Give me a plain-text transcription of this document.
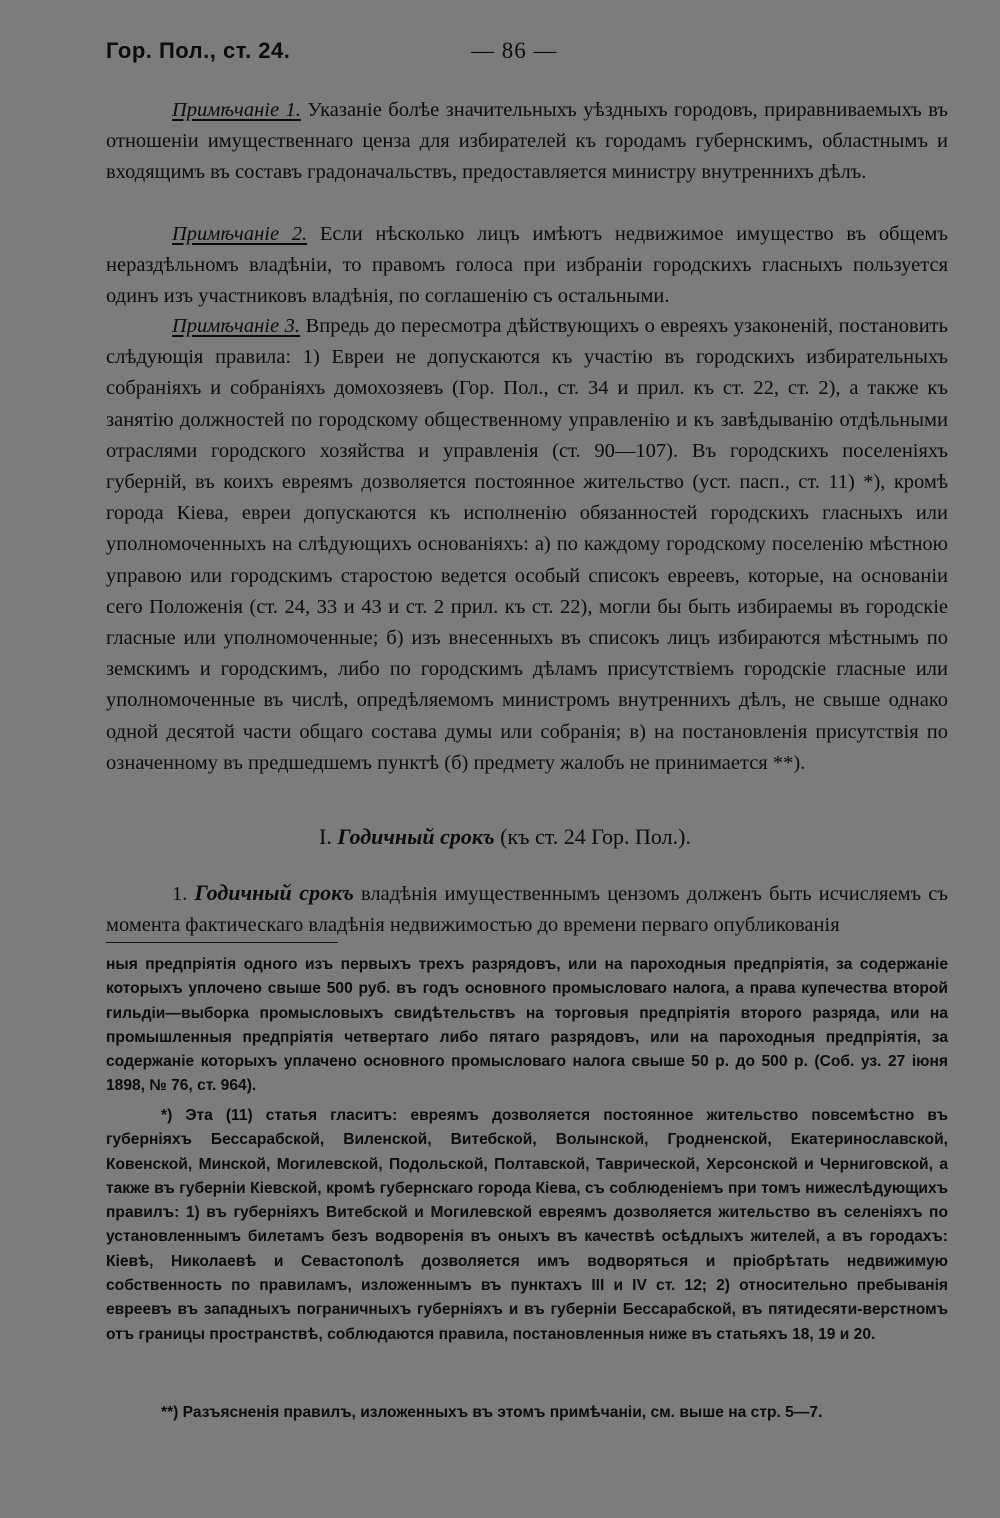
Гор. Пол., ст. 24.	— 86 —

Примѣчаніе 1. Указаніе болѣе значительныхъ уѣздныхъ городовъ, приравниваемыхъ въ отношеніи имущественнаго ценза для избирателей къ городамъ губернскимъ, областнымъ и входящимъ въ составъ градоначальствъ, предоставляется министру внутреннихъ дѣлъ.

Примѣчаніе 2. Если нѣсколько лицъ имѣютъ недвижимое имущество въ общемъ нераздѣльномъ владѣніи, то правомъ голоса при избраніи городскихъ гласныхъ пользуется одинъ изъ участниковъ владѣнія, по соглашенію съ остальными.

Примѣчаніе 3. Впредь до пересмотра дѣйствующихъ о евреяхъ узаконеній, постановить слѣдующія правила: 1) Евреи не допускаются къ участію въ городскихъ избирательныхъ собраніяхъ и собраніяхъ домохозяевъ (Гор. Пол., ст. 34 и прил. къ ст. 22, ст. 2), а также къ занятію должностей по городскому общественному управленію и къ завѣдыванію отдѣльными отраслями городского хозяйства и управленія (ст. 90—107). Въ городскихъ поселеніяхъ губерній, въ коихъ евреямъ дозволяется постоянное жительство (уст. пасп., ст. 11) *), кромѣ города Кіева, евреи допускаются къ исполненію обязанностей городскихъ гласныхъ или уполномоченныхъ на слѣдующихъ основаніяхъ: а) по каждому городскому поселенію мѣстною управою или городскимъ старостою ведется особый списокъ евреевъ, которые, на основаніи сего Положенія (ст. 24, 33 и 43 и ст. 2 прил. къ ст. 22), могли бы быть избираемы въ городскіе гласные или уполномоченные; б) изъ внесенныхъ въ списокъ лицъ избираются мѣстнымъ по земскимъ и городскимъ, либо по городскимъ дѣламъ присутствіемъ городскіе гласные или уполномоченные въ числѣ, опредѣляемомъ министромъ внутреннихъ дѣлъ, не свыше однако одной десятой части общаго состава думы или собранія; в) на постановленія присутствія по означенному въ предшедшемъ пунктѣ (б) предмету жалобъ не принимается **).

I. Годичный срокъ (къ ст. 24 Гор. Пол.).

1. Годичный срокъ владѣнія имущественнымъ цензомъ долженъ быть исчисляемъ съ момента фактическаго владѣнія недвижимостью до времени перваго опубликованія

ныя предпріятія одного изъ первыхъ трехъ разрядовъ, или на пароходныя предпріятія, за содержаніе которыхъ уплочено свыше 500 руб. въ годъ основного промысловаго налога, а права купечества второй гильдіи—выборка промысловыхъ свидѣтельствъ на торговыя предпріятія второго разряда, или на промышленныя предпріятія четвертаго либо пятаго разрядовъ, или на пароходныя предпріятія, за содержаніе которыхъ уплачено основного промысловаго налога свыше 50 р. до 500 р. (Соб. уз. 27 іюня 1898, № 76, ст. 964).

*) Эта (11) статья гласитъ: евреямъ дозволяется постоянное жительство повсемѣстно въ губерніяхъ Бессарабской, Виленской, Витебской, Волынской, Гродненской, Екатеринославской, Ковенской, Минской, Могилевской, Подольской, Полтавской, Таврической, Херсонской и Черниговской, а также въ губерніи Кіевской, кромѣ губернскаго города Кіева, съ соблюденіемъ при томъ нижеслѣдующихъ правилъ: 1) въ губерніяхъ Витебской и Могилевской евреямъ дозволяется жительство въ селеніяхъ по установленнымъ билетамъ безъ водворенія въ оныхъ въ качествѣ осѣдлыхъ жителей, а въ городахъ: Кіевѣ, Николаевѣ и Севастополѣ дозволяется имъ водворяться и пріобрѣтать недвижимую собственность по правиламъ, изложеннымъ въ пунктахъ III и IV ст. 12; 2) относительно пребыванія евреевъ въ западныхъ пограничныхъ губерніяхъ и въ губерніи Бессарабской, въ пятидесяти-верстномъ отъ границы пространствѣ, соблюдаются правила, постановленныя ниже въ статьяхъ 18, 19 и 20.

**) Разъясненія правилъ, изложенныхъ въ этомъ примѣчаніи, см. выше на стр. 5—7.
